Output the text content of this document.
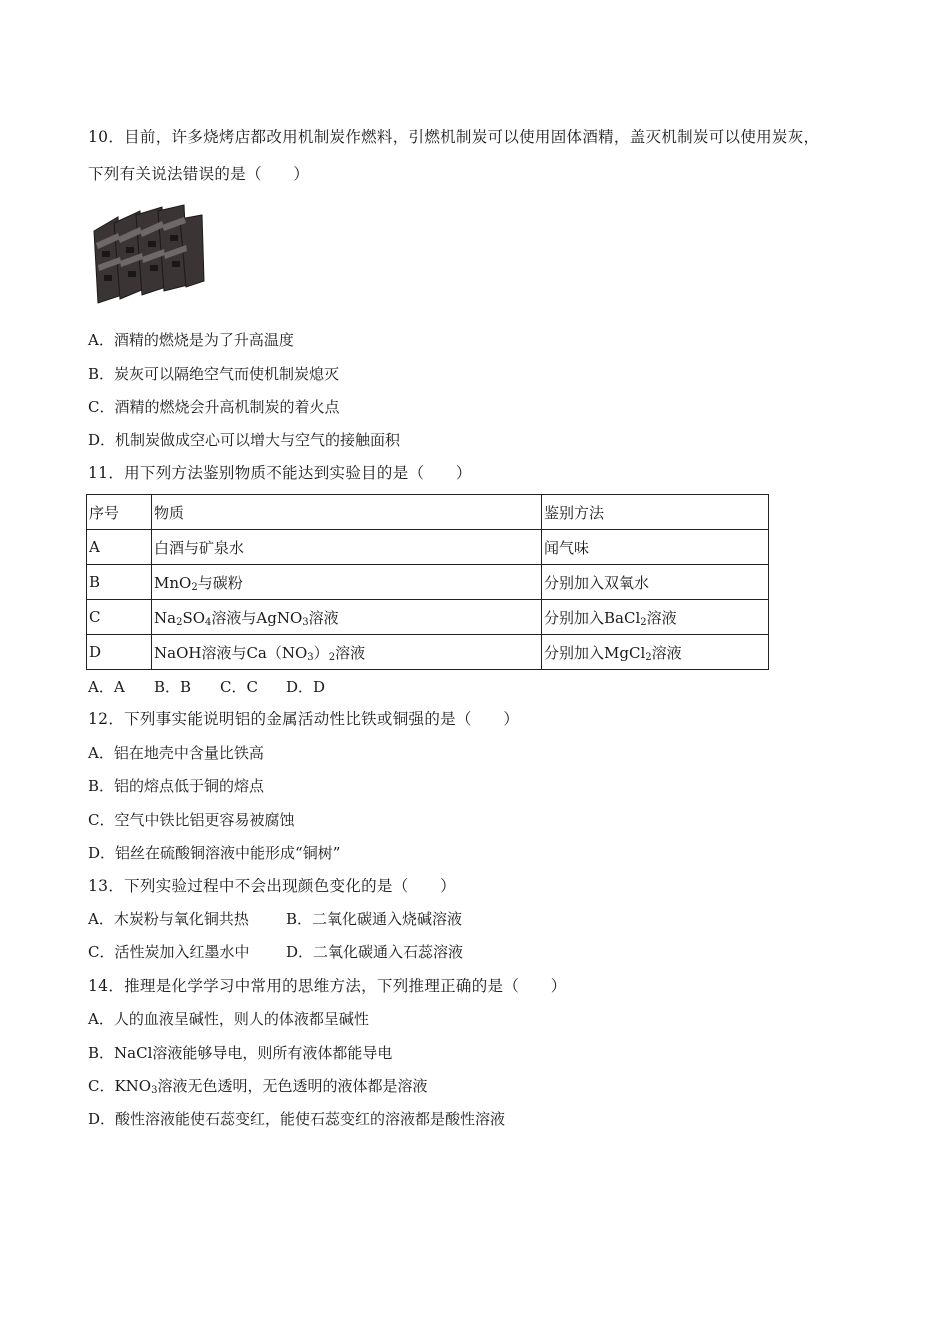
10．目前，许多烧烤店都改用机制炭作燃料，引燃机制炭可以使用固体酒精，盖灭机制炭可以使用炭灰，
下列有关说法错误的是（　　）
A．酒精的燃烧是为了升高温度
B．炭灰可以隔绝空气而使机制炭熄灭
C．酒精的燃烧会升高机制炭的着火点
D．机制炭做成空心可以增大与空气的接触面积
11．用下列方法鉴别物质不能达到实验目的是（　　）
序号	物质	鉴别方法
A	白酒与矿泉水	闻气味
B	MnO$_2$与碳粉	分别加入双氧水
C	$Na_2SO_4$溶液与AgNO$_3$溶液	分别加入BaCl$_2$溶液
D	NaOH溶液与$Ca(NO_3)_2$溶液	分别加入MgCl$_2$溶液
A．A B．B C．C D．D
12．下列事实能说明铝的金属活动性比铁或铜强的是（　　）
A．铝在地壳中含量比铁高
B．铝的熔点低于铜的熔点
C．空气中铁比铝更容易被腐蚀
D．铝丝在硫酸铜溶液中能形成“铜树”
13．下列实验过程中不会出现颜色变化的是（　　）
A．木炭粉与氧化铜共热 B．二氧化碳通入烧碱溶液
C．活性炭加入红墨水中 D．二氧化碳通入石蕊溶液
14．推理是化学学习中常用的思维方法，下列推理正确的是（　　）
A．人的血液呈碱性，则人的体液都呈碱性
B．NaCl溶液能够导电，则所有液体都能导电
C．$KNO_3$溶液无色透明，无色透明的液体都是溶液
D．酸性溶液能使石蕊变红，能使石蕊变红的溶液都是酸性溶液
